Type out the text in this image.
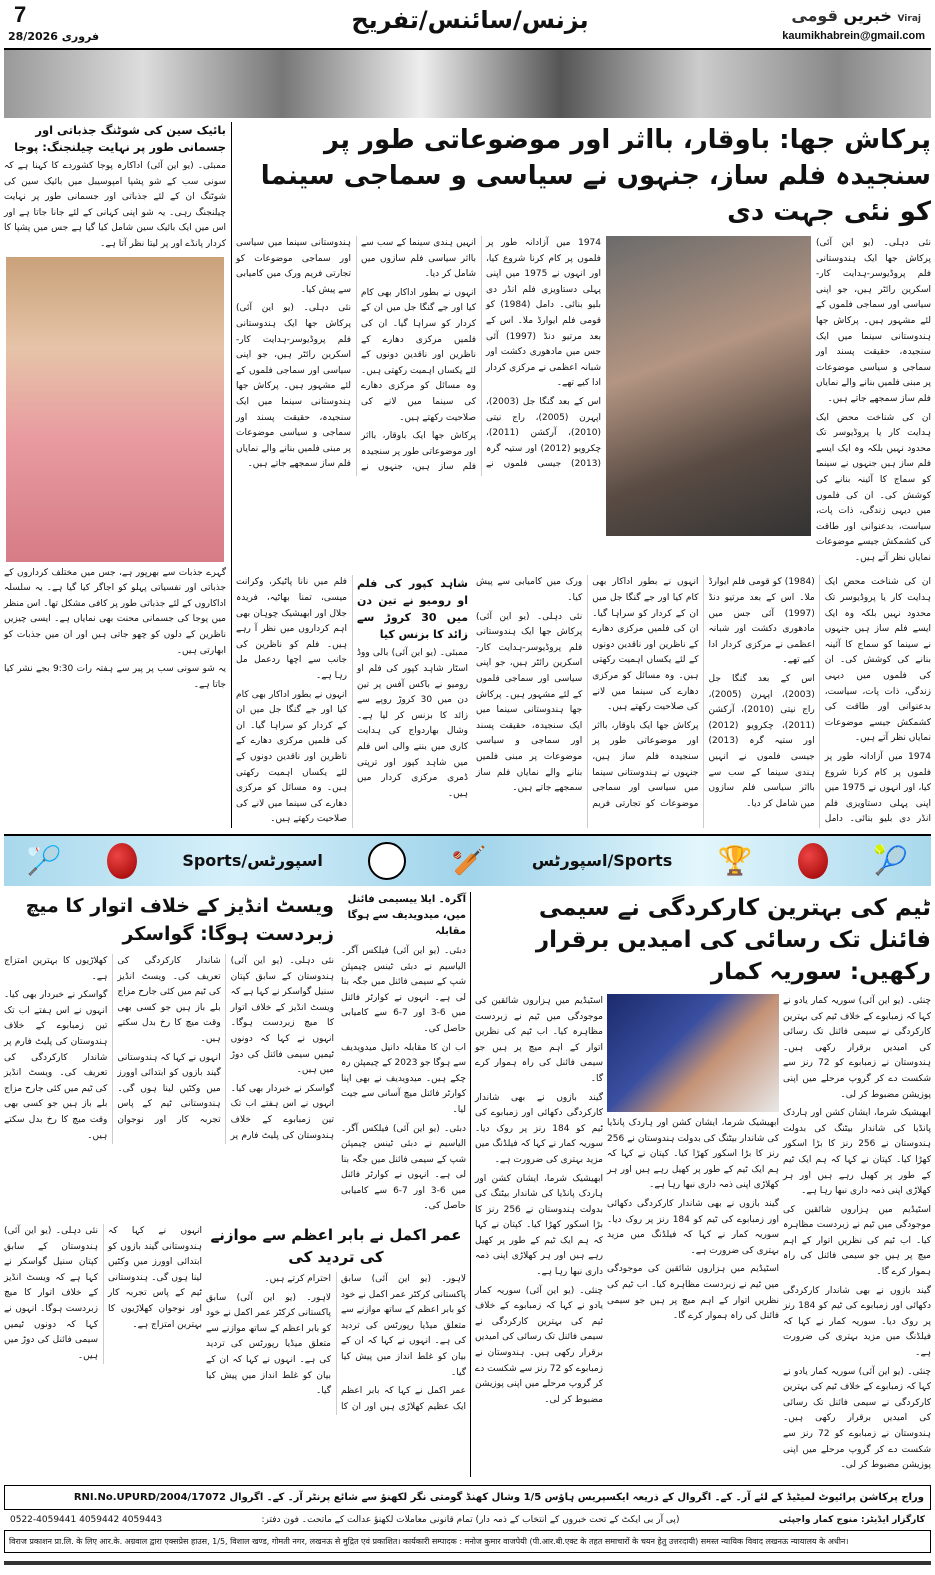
7
28/فروری 2026
بزنس/سائنس/تفریح	خبریں قومی	Viraj
kaumikhabrein@gmail.com
بائیک سین کی شوٹنگ جذباتی اور جسمانی طور پر نہایت چیلنجنگ: پوجا

ممبئی۔ (یو این آئی) اداکارہ پوجا کشوردے کا کہنا ہے کہ سونی سب کے شو پشپا امپوسیبل میں بائیک سین کی شوٹنگ ان کے لئے جذباتی اور جسمانی طور پر نہایت چیلنجنگ رہی۔ یہ شو اپنی کہانی کے لئے جانا جاتا ہے اور اس میں ایک بائیک سین شامل کیا گیا ہے جس میں پشپا کا کردار پانڈے اور پر لیتا نظر آتا ہے۔

گہرے جذبات سے بھرپور ہے، جس میں مختلف کرداروں کے جذباتی اور نفسیاتی پہلو کو اجاگر کیا گیا ہے۔ یہ سلسلہ اداکاروں کے لئے جذباتی طور پر کافی مشکل تھا۔ اس منظر میں پوجا کی جسمانی محنت بھی نمایاں ہے۔ ایسی چیزیں ناظرین کے دلوں کو چھو جاتی ہیں اور ان میں جذبات کو ابھارتی ہیں۔

یہ شو سونی سب پر پیر سے ہفتہ رات 9:30 بجے نشر کیا جاتا ہے۔

پرکاش جھا: باوقار، بااثر اور موضوعاتی طور پر سنجیدہ فلم ساز، جنہوں نے سیاسی و سماجی سینما کو نئی جہت دی

1974 میں آزادانہ طور پر فلموں پر کام کرنا شروع کیا، اور انہوں نے 1975 میں اپنی پہلی دستاویزی فلم انڈر دی بلیو بنائی۔ دامل (1984) کو قومی فلم ایوارڈ ملا۔ اس کے بعد مرتیو دنڈ (1997) آئی جس میں مادھوری دکشت اور شبانہ اعظمی نے مرکزی کردار ادا کیے تھے۔

اس کے بعد گنگا جل (2003)، اپہرن (2005)، راج نیتی (2010)، آرکشن (2011)، چکرویو (2012) اور ستیہ گرہ (2013) جیسی فلموں نے انہیں ہندی سینما کے سب سے بااثر سیاسی فلم سازوں میں شامل کر دیا۔

انہوں نے بطور اداکار بھی کام کیا اور جے گنگا جل میں ان کے کردار کو سراہا گیا۔ ان کی فلمیں مرکزی دھارے کے ناظرین اور ناقدین دونوں کے لئے یکساں اہمیت رکھتی ہیں۔ وہ مسائل کو مرکزی دھارے کی سینما میں لانے کی صلاحیت رکھتے ہیں۔

پرکاش جھا ایک باوقار، بااثر اور موضوعاتی طور پر سنجیدہ فلم ساز ہیں، جنہوں نے ہندوستانی سینما میں سیاسی اور سماجی موضوعات کو تجارتی فریم ورک میں کامیابی سے پیش کیا۔

نئی دہلی۔ (یو این آئی) پرکاش جھا ایک ہندوستانی فلم پروڈیوسر-ہدایت کار-اسکرین رائٹر ہیں، جو اپنی سیاسی اور سماجی فلموں کے لئے مشہور ہیں۔ پرکاش جھا ہندوستانی سینما میں ایک سنجیدہ، حقیقت پسند اور سماجی و سیاسی موضوعات پر مبنی فلمیں بنانے والے نمایاں فلم ساز سمجھے جاتے ہیں۔

نئی دہلی۔ (یو این آئی) پرکاش جھا ایک ہندوستانی فلم پروڈیوسر-ہدایت کار-اسکرین رائٹر ہیں، جو اپنی سیاسی اور سماجی فلموں کے لئے مشہور ہیں۔ پرکاش جھا ہندوستانی سینما میں ایک سنجیدہ، حقیقت پسند اور سماجی و سیاسی موضوعات پر مبنی فلمیں بنانے والے نمایاں فلم ساز سمجھے جاتے ہیں۔

ان کی شناخت محض ایک ہدایت کار یا پروڈیوسر تک محدود نہیں بلکہ وہ ایک ایسے فلم ساز ہیں جنہوں نے سینما کو سماج کا آئینہ بنانے کی کوشش کی۔ ان کی فلموں میں دیہی زندگی، ذات پات، سیاست، بدعنوانی اور طاقت کی کشمکش جیسے موضوعات نمایاں نظر آتے ہیں۔

شاہد کپور کی فلم او رومیو نے تین دن میں 30 کروڑ سے زائد کا بزنس کیا

ممبئی۔ (یو این آئی) بالی ووڈ اسٹار شاہد کپور کی فلم او رومیو نے باکس آفس پر تین دن میں 30 کروڑ روپے سے زائد کا بزنس کر لیا ہے۔ وشال بھاردواج کی ہدایت کاری میں بننے والی اس فلم میں شاہد کپور اور ترپتی ڈمری مرکزی کردار میں ہیں۔

فلم میں نانا پاٹیکر، وکرانت میسی، تمنا بھاٹیہ، فریدہ جلال اور ابھیشیک چوہان بھی اہم کرداروں میں نظر آ رہے ہیں۔ فلم کو ناظرین کی جانب سے اچھا ردعمل مل رہا ہے۔

انہوں نے بطور اداکار بھی کام کیا اور جے گنگا جل میں ان کے کردار کو سراہا گیا۔ ان کی فلمیں مرکزی دھارے کے ناظرین اور ناقدین دونوں کے لئے یکساں اہمیت رکھتی ہیں۔ وہ مسائل کو مرکزی دھارے کی سینما میں لانے کی صلاحیت رکھتے ہیں۔

ان کی شناخت محض ایک ہدایت کار یا پروڈیوسر تک محدود نہیں بلکہ وہ ایک ایسے فلم ساز ہیں جنہوں نے سینما کو سماج کا آئینہ بنانے کی کوشش کی۔ ان کی فلموں میں دیہی زندگی، ذات پات، سیاست، بدعنوانی اور طاقت کی کشمکش جیسے موضوعات نمایاں نظر آتے ہیں۔

1974 میں آزادانہ طور پر فلموں پر کام کرنا شروع کیا، اور انہوں نے 1975 میں اپنی پہلی دستاویزی فلم انڈر دی بلیو بنائی۔ دامل (1984) کو قومی فلم ایوارڈ ملا۔ اس کے بعد مرتیو دنڈ (1997) آئی جس میں مادھوری دکشت اور شبانہ اعظمی نے مرکزی کردار ادا کیے تھے۔

اس کے بعد گنگا جل (2003)، اپہرن (2005)، راج نیتی (2010)، آرکشن (2011)، چکرویو (2012) اور ستیہ گرہ (2013) جیسی فلموں نے انہیں ہندی سینما کے سب سے بااثر سیاسی فلم سازوں میں شامل کر دیا۔

انہوں نے بطور اداکار بھی کام کیا اور جے گنگا جل میں ان کے کردار کو سراہا گیا۔ ان کی فلمیں مرکزی دھارے کے ناظرین اور ناقدین دونوں کے لئے یکساں اہمیت رکھتی ہیں۔ وہ مسائل کو مرکزی دھارے کی سینما میں لانے کی صلاحیت رکھتے ہیں۔

پرکاش جھا ایک باوقار، بااثر اور موضوعاتی طور پر سنجیدہ فلم ساز ہیں، جنہوں نے ہندوستانی سینما میں سیاسی اور سماجی موضوعات کو تجارتی فریم ورک میں کامیابی سے پیش کیا۔

نئی دہلی۔ (یو این آئی) پرکاش جھا ایک ہندوستانی فلم پروڈیوسر-ہدایت کار-اسکرین رائٹر ہیں، جو اپنی سیاسی اور سماجی فلموں کے لئے مشہور ہیں۔ پرکاش جھا ہندوستانی سینما میں ایک سنجیدہ، حقیقت پسند اور سماجی و سیاسی موضوعات پر مبنی فلمیں بنانے والے نمایاں فلم ساز سمجھے جاتے ہیں۔

🏸	Sports/اسپورٹس	🏏	اسپورٹس/Sports 🏆	🎾
ویسٹ انڈیز کے خلاف اتوار کا میچ زبردست ہوگا: گواسکر

نئی دہلی۔ (یو این آئی) ہندوستان کے سابق کپتان سنیل گواسکر نے کہا ہے کہ ویسٹ انڈیز کے خلاف اتوار کا میچ زبردست ہوگا۔ انہوں نے کہا کہ دونوں ٹیمیں سیمی فائنل کی دوڑ میں ہیں۔

گواسکر نے خبردار بھی کیا۔ انہوں نے اس ہفتے اب تک تین زمبابوے کے خلاف ہندوستان کی پلیٹ فارم پر شاندار کارکردگی کی تعریف کی۔ ویسٹ انڈیز کی ٹیم میں کئی جارح مزاج بلے باز ہیں جو کسی بھی وقت میچ کا رخ بدل سکتے ہیں۔

انہوں نے کہا کہ ہندوستانی گیند بازوں کو ابتدائی اوورز میں وکٹیں لینا ہوں گی۔ ہندوستانی ٹیم کے پاس تجربہ کار اور نوجوان کھلاڑیوں کا بہترین امتزاج ہے۔

گواسکر نے خبردار بھی کیا۔ انہوں نے اس ہفتے اب تک تین زمبابوے کے خلاف ہندوستان کی پلیٹ فارم پر شاندار کارکردگی کی تعریف کی۔ ویسٹ انڈیز کی ٹیم میں کئی جارح مزاج بلے باز ہیں جو کسی بھی وقت میچ کا رخ بدل سکتے ہیں۔

آگرہ۔ ایلا ییسیمی فائنل میں، میدویدیف سے ہوگا مقابلہ

دبئی۔ (یو این آئی) فیلکس آگر۔ الیاسیم نے دبئی ٹینس چیمپئن شپ کے سیمی فائنل میں جگہ بنا لی ہے۔ انہوں نے کوارٹر فائنل میں 6-3 اور 7-6 سے کامیابی حاصل کی۔

اب ان کا مقابلہ دانیل میدویدیف سے ہوگا جو 2023 کے چیمپئن رہ چکے ہیں۔ میدویدیف نے بھی اپنا کوارٹر فائنل میچ آسانی سے جیت لیا۔

دبئی۔ (یو این آئی) فیلکس آگر۔ الیاسیم نے دبئی ٹینس چیمپئن شپ کے سیمی فائنل میں جگہ بنا لی ہے۔ انہوں نے کوارٹر فائنل میں 6-3 اور 7-6 سے کامیابی حاصل کی۔

انہوں نے کہا کہ ہندوستانی گیند بازوں کو ابتدائی اوورز میں وکٹیں لینا ہوں گی۔ ہندوستانی ٹیم کے پاس تجربہ کار اور نوجوان کھلاڑیوں کا بہترین امتزاج ہے۔

نئی دہلی۔ (یو این آئی) ہندوستان کے سابق کپتان سنیل گواسکر نے کہا ہے کہ ویسٹ انڈیز کے خلاف اتوار کا میچ زبردست ہوگا۔ انہوں نے کہا کہ دونوں ٹیمیں سیمی فائنل کی دوڑ میں ہیں۔

عمر اکمل نے بابر اعظم سے موازنے کی تردید کی

لاہور۔ (یو این آئی) سابق پاکستانی کرکٹر عمر اکمل نے خود کو بابر اعظم کے ساتھ موازنے سے متعلق میڈیا رپورٹس کی تردید کی ہے۔ انہوں نے کہا کہ ان کے بیان کو غلط انداز میں پیش کیا گیا۔

عمر اکمل نے کہا کہ بابر اعظم ایک عظیم کھلاڑی ہیں اور ان کا احترام کرتے ہیں۔

لاہور۔ (یو این آئی) سابق پاکستانی کرکٹر عمر اکمل نے خود کو بابر اعظم کے ساتھ موازنے سے متعلق میڈیا رپورٹس کی تردید کی ہے۔ انہوں نے کہا کہ ان کے بیان کو غلط انداز میں پیش کیا گیا۔

ٹیم کی بہترین کارکردگی نے سیمی فائنل تک رسائی کی امیدیں برقرار رکھیں: سوریہ کمار

اسٹیڈیم میں ہزاروں شائقین کی موجودگی میں ٹیم نے زبردست مظاہرہ کیا۔ اب ٹیم کی نظریں اتوار کے اہم میچ پر ہیں جو سیمی فائنل کی راہ ہموار کرے گا۔

گیند بازوں نے بھی شاندار کارکردگی دکھائی اور زمبابوے کی ٹیم کو 184 رنز پر روک دیا۔ سوریہ کمار نے کہا کہ فیلڈنگ میں مزید بہتری کی ضرورت ہے۔

ابھیشیک شرما، ایشان کشن اور ہاردک پانڈیا کی شاندار بیٹنگ کی بدولت ہندوستان نے 256 رنز کا بڑا اسکور کھڑا کیا۔ کپتان نے کہا کہ ہم ایک ٹیم کے طور پر کھیل رہے ہیں اور ہر کھلاڑی اپنی ذمہ داری نبھا رہا ہے۔

چنئی۔ (یو این آئی) سوریہ کمار یادو نے کہا کہ زمبابوے کے خلاف ٹیم کی بہترین کارکردگی نے سیمی فائنل تک رسائی کی امیدیں برقرار رکھی ہیں۔ ہندوستان نے زمبابوے کو 72 رنز سے شکست دے کر گروپ مرحلے میں اپنی پوزیشن مضبوط کر لی۔

ابھیشیک شرما، ایشان کشن اور ہاردک پانڈیا کی شاندار بیٹنگ کی بدولت ہندوستان نے 256 رنز کا بڑا اسکور کھڑا کیا۔ کپتان نے کہا کہ ہم ایک ٹیم کے طور پر کھیل رہے ہیں اور ہر کھلاڑی اپنی ذمہ داری نبھا رہا ہے۔

گیند بازوں نے بھی شاندار کارکردگی دکھائی اور زمبابوے کی ٹیم کو 184 رنز پر روک دیا۔ سوریہ کمار نے کہا کہ فیلڈنگ میں مزید بہتری کی ضرورت ہے۔

اسٹیڈیم میں ہزاروں شائقین کی موجودگی میں ٹیم نے زبردست مظاہرہ کیا۔ اب ٹیم کی نظریں اتوار کے اہم میچ پر ہیں جو سیمی فائنل کی راہ ہموار کرے گا۔

چنئی۔ (یو این آئی) سوریہ کمار یادو نے کہا کہ زمبابوے کے خلاف ٹیم کی بہترین کارکردگی نے سیمی فائنل تک رسائی کی امیدیں برقرار رکھی ہیں۔ ہندوستان نے زمبابوے کو 72 رنز سے شکست دے کر گروپ مرحلے میں اپنی پوزیشن مضبوط کر لی۔

ابھیشیک شرما، ایشان کشن اور ہاردک پانڈیا کی شاندار بیٹنگ کی بدولت ہندوستان نے 256 رنز کا بڑا اسکور کھڑا کیا۔ کپتان نے کہا کہ ہم ایک ٹیم کے طور پر کھیل رہے ہیں اور ہر کھلاڑی اپنی ذمہ داری نبھا رہا ہے۔

اسٹیڈیم میں ہزاروں شائقین کی موجودگی میں ٹیم نے زبردست مظاہرہ کیا۔ اب ٹیم کی نظریں اتوار کے اہم میچ پر ہیں جو سیمی فائنل کی راہ ہموار کرے گا۔

گیند بازوں نے بھی شاندار کارکردگی دکھائی اور زمبابوے کی ٹیم کو 184 رنز پر روک دیا۔ سوریہ کمار نے کہا کہ فیلڈنگ میں مزید بہتری کی ضرورت ہے۔

چنئی۔ (یو این آئی) سوریہ کمار یادو نے کہا کہ زمبابوے کے خلاف ٹیم کی بہترین کارکردگی نے سیمی فائنل تک رسائی کی امیدیں برقرار رکھی ہیں۔ ہندوستان نے زمبابوے کو 72 رنز سے شکست دے کر گروپ مرحلے میں اپنی پوزیشن مضبوط کر لی۔

وراج پرکاشن پرائیوٹ لمیٹیڈ کے لئے آر۔ کے۔ اگروال کے ذریعہ ایکسپریس ہاؤس 1/5 وشال کھنڈ گومتی نگر لکھنؤ سے شائع پرنٹر آر۔ کے۔ اگروال RNI.No.UPURD/2004/17072
0522-4059441 4059442 4059443	(پی آر بی ایکٹ کے تحت خبروں کے انتخاب کے ذمہ دار) تمام قانونی معاملات لکھنؤ عدالت کے ماتحت۔ فون دفتر:	کارگزار ایڈیٹر: منوج کمار واجپئی
विराज प्रकाशन प्रा.लि. के लिए आर.के. अग्रवाल द्वारा एक्सप्रेस हाउस, 1/5, विशाल खण्ड, गोमती नगर, लखनऊ से मुद्रित एवं प्रकाशित। कार्यकारी सम्पादक : मनोज कुमार वाजपेयी (पी.आर.बी.एक्ट के तहत समाचारों के चयन हेतु उत्तरदायी) समस्त न्यायिक विवाद लखनऊ न्यायालय के अधीन।
